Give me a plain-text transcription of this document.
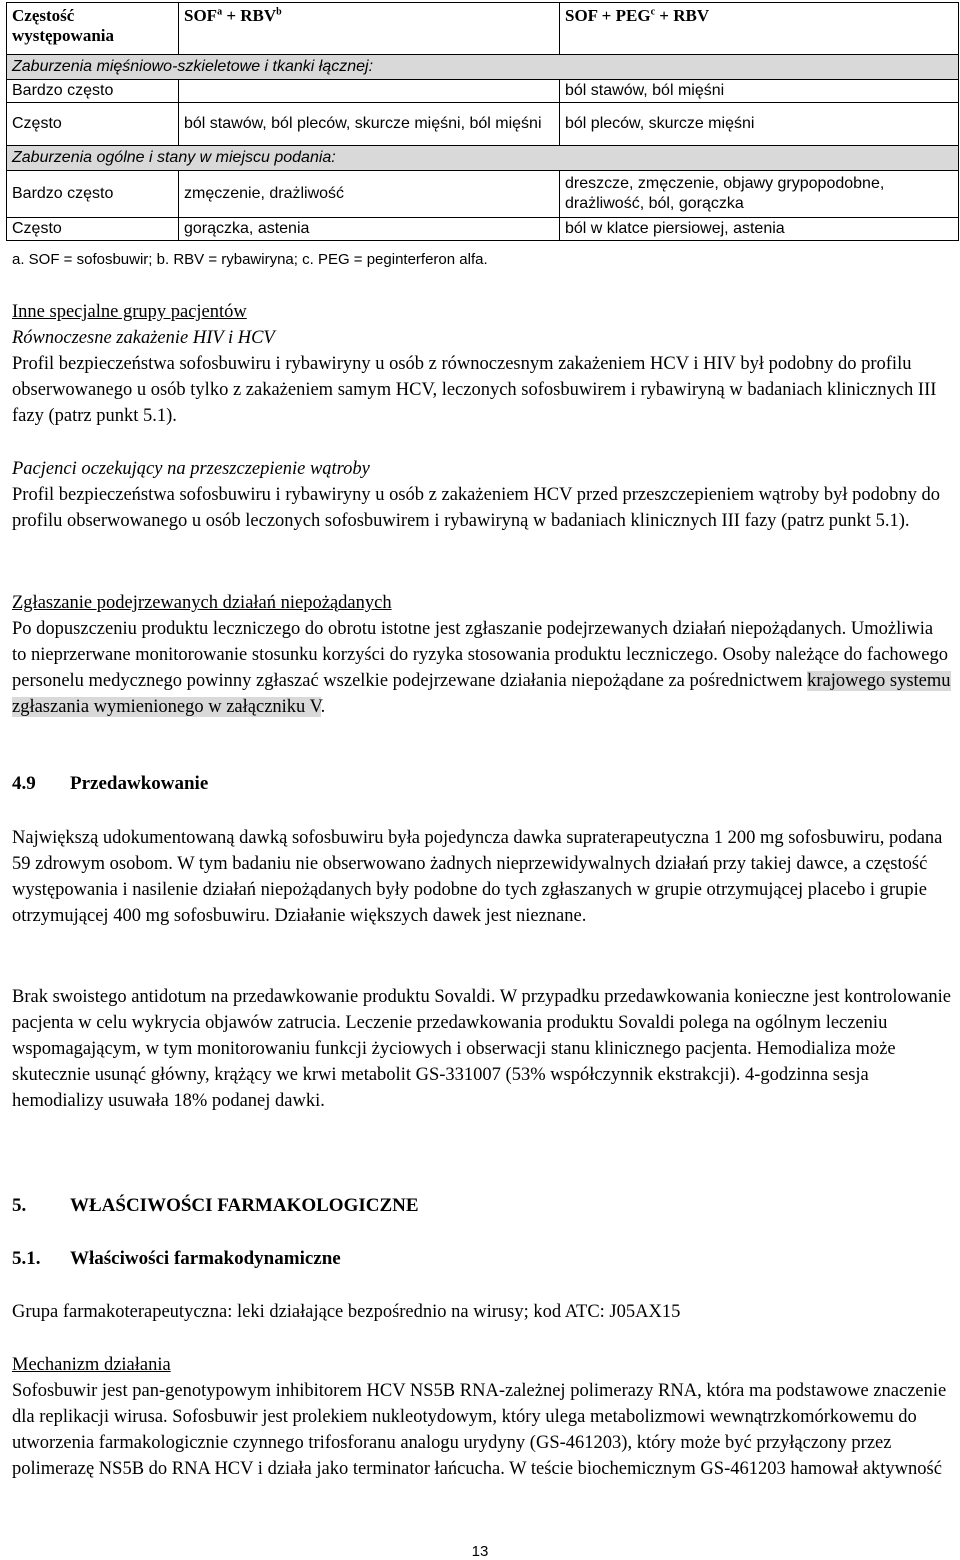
Częstość występowania	$SOF^a + RBV^b$	SOF + $PEG^c$ + RBV
Zaburzenia mięśniowo-szkieletowe i tkanki łącznej:		
Bardzo często		ból stawów, ból mięśni
Często	ból stawów, ból pleców, skurcze mięśni, ból mięśni	ból pleców, skurcze mięśni
Zaburzenia ogólne i stany w miejscu podania:		
Bardzo często	zmęczenie, drażliwość	dreszcze, zmęczenie, objawy grypopodobne, drażliwość, ból, gorączka
Często	gorączka, astenia	ból w klatce piersiowej, astenia
a. SOF = sofosbuwir; b. RBV = rybawiryna; c. PEG = peginterferon alfa.

Inne specjalne grupy pacjentów

Równoczesne zakażenie HIV i HCV

Profil bezpieczeństwa sofosbuwiru i rybawiryny u osób z równoczesnym zakażeniem HCV i HIV był podobny do profilu obserwowanego u osób tylko z zakażeniem samym HCV, leczonych sofosbuwirem i rybawiryną w badaniach klinicznych III fazy (patrz punkt 5.1).

Pacjenci oczekujący na przeszczepienie wątroby

Profil bezpieczeństwa sofosbuwiru i rybawiryny u osób z zakażeniem HCV przed przeszczepieniem wątroby był podobny do profilu obserwowanego u osób leczonych sofosbuwirem i rybawiryną w badaniach klinicznych III fazy (patrz punkt 5.1).

Zgłaszanie podejrzewanych działań niepożądanych

Po dopuszczeniu produktu leczniczego do obrotu istotne jest zgłaszanie podejrzewanych działań niepożądanych. Umożliwia to nieprzerwane monitorowanie stosunku korzyści do ryzyka stosowania produktu leczniczego. Osoby należące do fachowego personelu medycznego powinny zgłaszać wszelkie podejrzewane działania niepożądane za pośrednictwem krajowego systemu zgłaszania wymienionego w załączniku V.

4.9 Przedawkowanie
Największą udokumentowaną dawką sofosbuwiru była pojedyncza dawka supraterapeutyczna 1 200 mg sofosbuwiru, podana 59 zdrowym osobom. W tym badaniu nie obserwowano żadnych nieprzewidywalnych działań przy takiej dawce, a częstość występowania i nasilenie działań niepożądanych były podobne do tych zgłaszanych w grupie otrzymującej placebo i grupie otrzymującej 400 mg sofosbuwiru. Działanie większych dawek jest nieznane.
Brak swoistego antidotum na przedawkowanie produktu Sovaldi. W przypadku przedawkowania konieczne jest kontrolowanie pacjenta w celu wykrycia objawów zatrucia. Leczenie przedawkowania produktu Sovaldi polega na ogólnym leczeniu wspomagającym, w tym monitorowaniu funkcji życiowych i obserwacji stanu klinicznego pacjenta. Hemodializa może skutecznie usunąć główny, krążący we krwi metabolit GS-331007 (53% współczynnik ekstrakcji). 4-godzinna sesja hemodializy usuwała 18% podanej dawki.
5. WŁAŚCIWOŚCI FARMAKOLOGICZNE
5.1. Właściwości farmakodynamiczne
Grupa farmakoterapeutyczna: leki działające bezpośrednio na wirusy; kod ATC: J05AX15

Mechanizm działania

Sofosbuwir jest pan-genotypowym inhibitorem HCV NS5B RNA-zależnej polimerazy RNA, która ma podstawowe znaczenie dla replikacji wirusa. Sofosbuwir jest prolekiem nukleotydowym, który ulega metabolizmowi wewnątrzkomórkowemu do utworzenia farmakologicznie czynnego trifosforanu analogu urydyny (GS-461203), który może być przyłączony przez polimerazę NS5B do RNA HCV i działa jako terminator łańcucha. W teście biochemicznym GS-461203 hamował aktywność

13
